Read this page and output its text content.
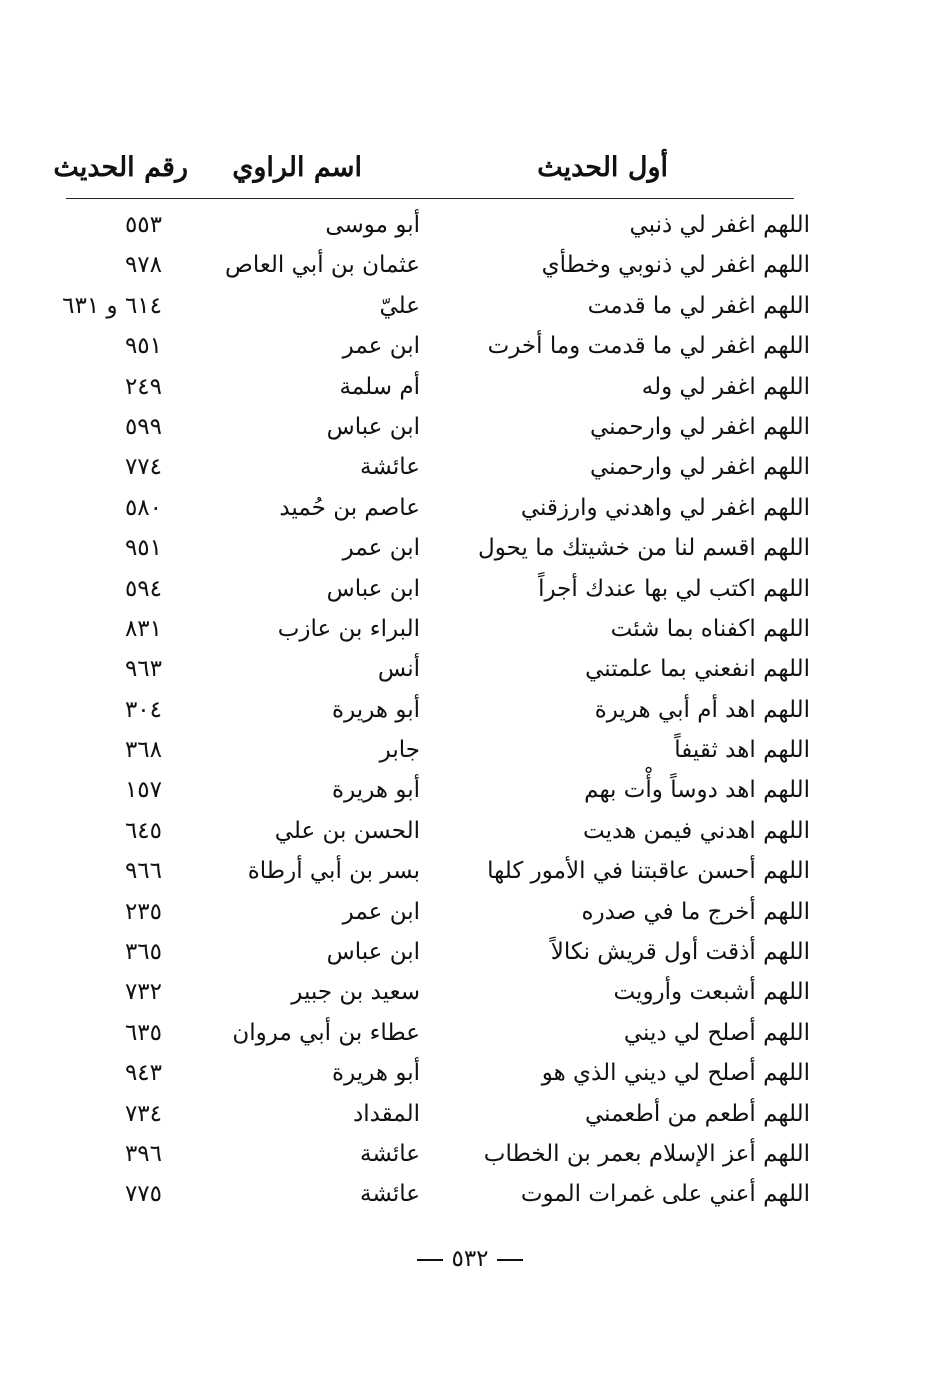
أول الحديث
اسم الراوي
رقم الحديث
اللهم اغفر لي ذنبي
أبو موسى
٥٥٣
اللهم اغفر لي ذنوبي وخطأي
عثمان بن أبي العاص
٩٧٨
اللهم اغفر لي ما قدمت
عليّ
٦١٤ و ٦٣١
اللهم اغفر لي ما قدمت وما أخرت
ابن عمر
٩٥١
اللهم اغفر لي وله
أم سلمة
٢٤٩
اللهم اغفر لي وارحمني
ابن عباس
٥٩٩
اللهم اغفر لي وارحمني
عائشة
٧٧٤
اللهم اغفر لي واهدني وارزقني
عاصم بن حُميد
٥٨٠
اللهم اقسم لنا من خشيتك ما يحول
ابن عمر
٩٥١
اللهم اكتب لي بها عندك أجراً
ابن عباس
٥٩٤
اللهم اكفناه بما شئت
البراء بن عازب
٨٣١
اللهم انفعني بما علمتني
أنس
٩٦٣
اللهم اهد أم أبي هريرة
أبو هريرة
٣٠٤
اللهم اهد ثقيفاً
جابر
٣٦٨
اللهم اهد دوساً وأْت بهم
أبو هريرة
١٥٧
اللهم اهدني فيمن هديت
الحسن بن علي
٦٤٥
اللهم أحسن عاقبتنا في الأمور كلها
بسر بن أبي أرطاة
٩٦٦
اللهم أخرج ما في صدره
ابن عمر
٢٣٥
اللهم أذقت أول قريش نكالاً
ابن عباس
٣٦٥
اللهم أشبعت وأرويت
سعيد بن جبير
٧٣٢
اللهم أصلح لي ديني
عطاء بن أبي مروان
٦٣٥
اللهم أصلح لي ديني الذي هو
أبو هريرة
٩٤٣
اللهم أطعم من أطعمني
المقداد
٧٣٤
اللهم أعز الإسلام بعمر بن الخطاب
عائشة
٣٩٦
اللهم أعني على غمرات الموت
عائشة
٧٧٥
٥٣٢
